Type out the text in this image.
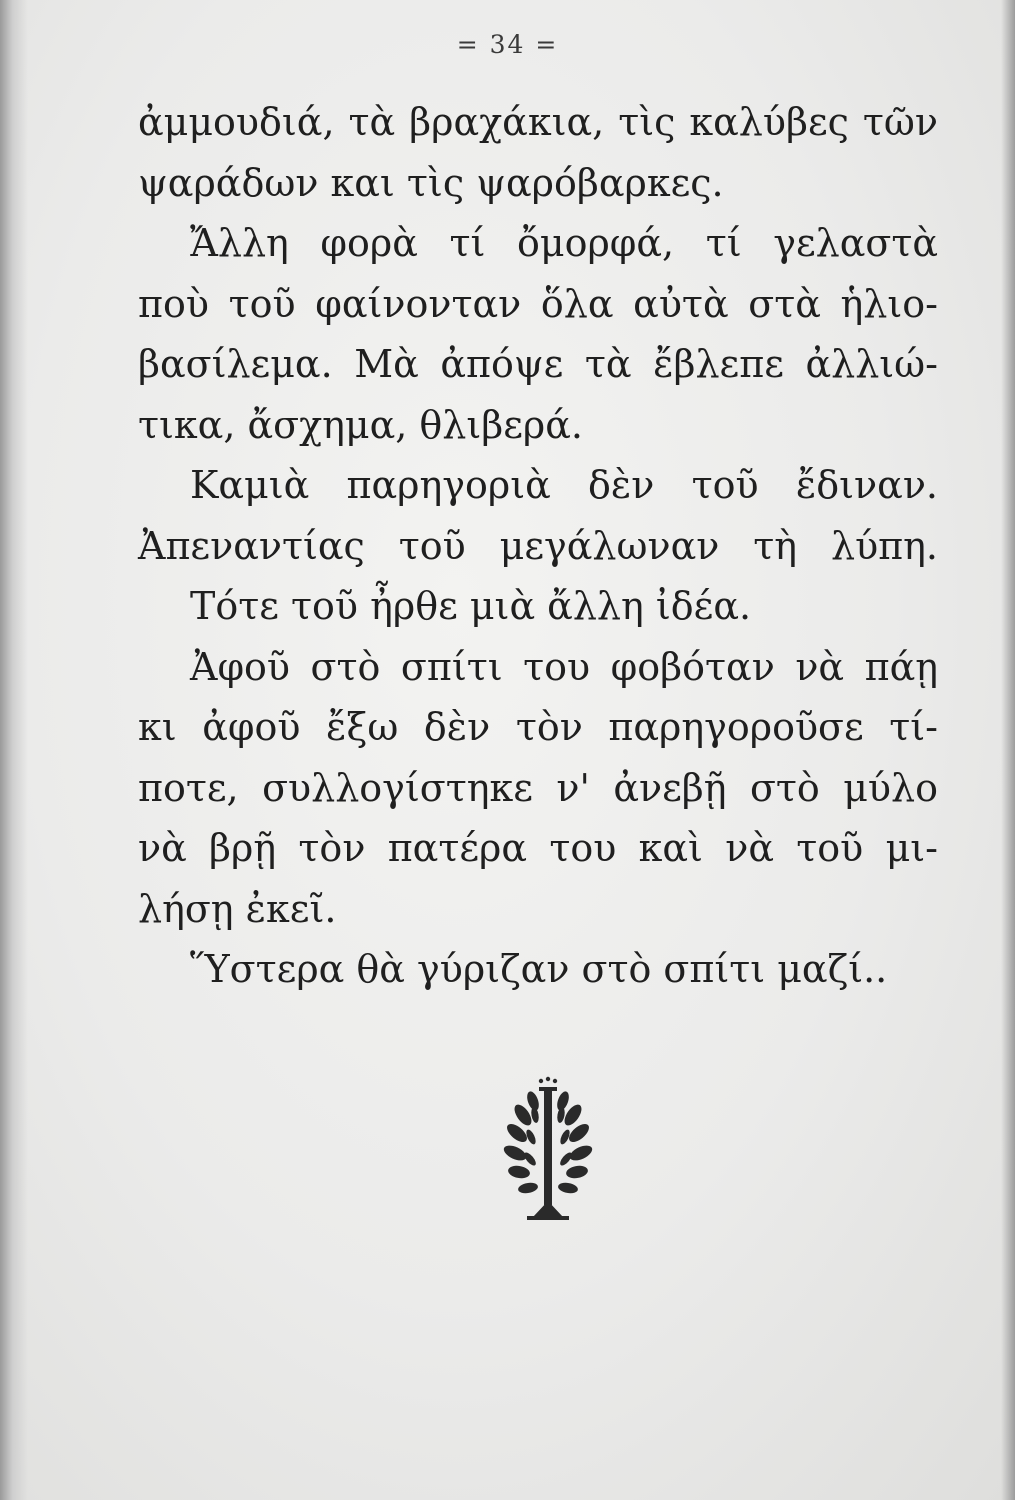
= 34 =
ἀμμουδιά, τὰ βραχάκια, τὶς καλύβες τῶν
ψαράδων και τὶς ψαρόβαρκες.
Ἄλλη φορὰ τί ὄμορφά, τί γελαστὰ
ποὺ τοῦ φαίνονταν ὅλα αὐτὰ στὰ ἡλιο-
βασίλεμα. Μὰ ἀπόψε τὰ ἔβλεπε ἀλλιώ-
τικα, ἄσχημα, θλιβερά.
Καμιὰ παρηγοριὰ δὲν τοῦ ἔδιναν.
Ἀπεναντίας τοῦ μεγάλωναν τὴ λύπη.
Τότε τοῦ ἦρθε μιὰ ἄλλη ἰδέα.
Ἀφοῦ στὸ σπίτι του φοβόταν νὰ πάῃ
κι ἀφοῦ ἔξω δὲν τὸν παρηγοροῦσε τί-
ποτε, συλλογίστηκε ν' ἀνεβῇ στὸ μύλο
νὰ βρῇ τὸν πατέρα του καὶ νὰ τοῦ μι-
λήσῃ ἐκεῖ.
Ὕστερα θὰ γύριζαν στὸ σπίτι μαζί..
